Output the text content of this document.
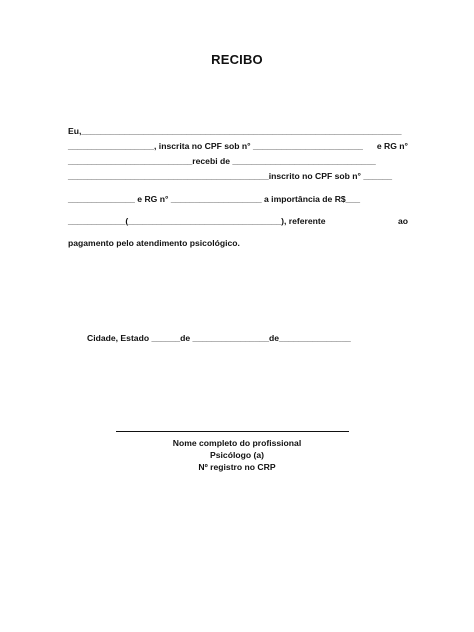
RECIBO
Eu,___________________________________________________________________
__________________, inscrita no CPF sob n° _______________________ e RG n°
__________________________recebi de ______________________________
__________________________________________inscrito no CPF sob n° ______
______________ e RG n° ___________________ a importância de R$___
____________(________________________________), referente	ao
pagamento pelo atendimento psicológico.
Cidade, Estado ______de ________________de_______________
Nome completo do profissional
Psicólogo (a)
Nº registro no CRP
